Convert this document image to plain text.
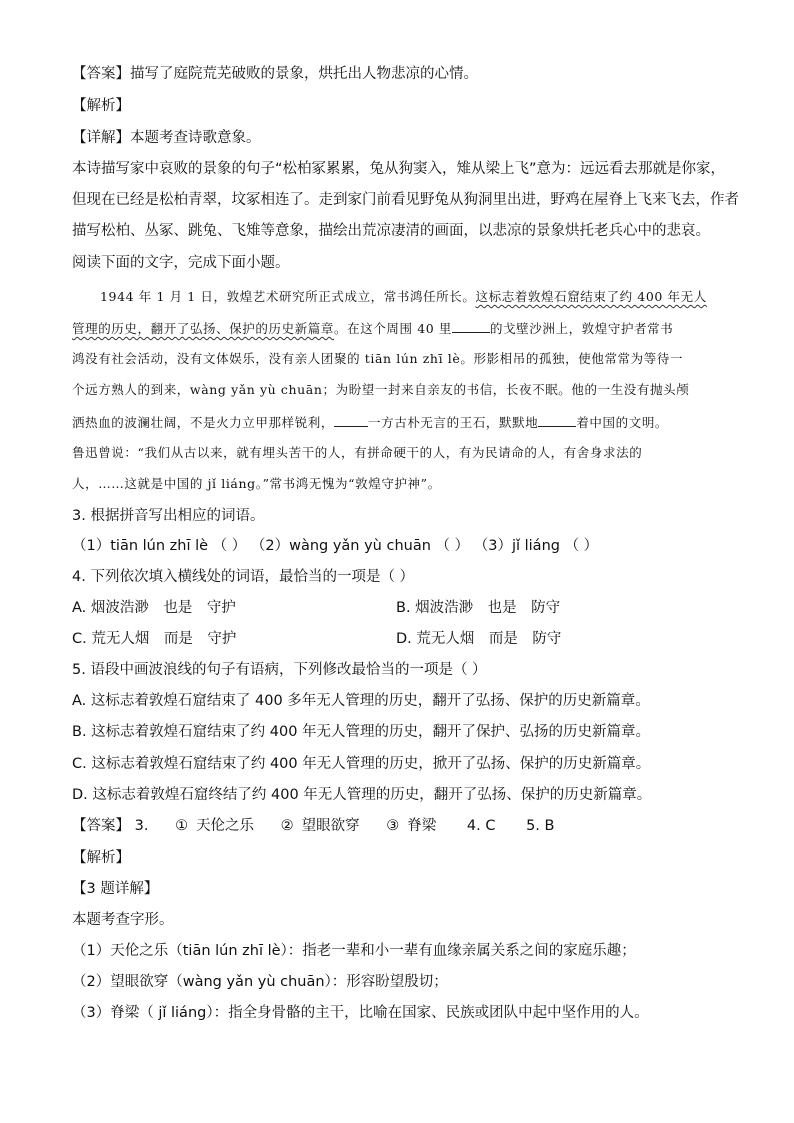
【答案】描写了庭院荒芜破败的景象，烘托出人物悲凉的心情。
【解析】
【详解】本题考查诗歌意象。
本诗描写家中哀败的景象的句子“松柏冢累累，兔从狗窦入，雉从梁上飞”意为：远远看去那就是你家，
但现在已经是松柏青翠，坟冢相连了。走到家门前看见野兔从狗洞里出进，野鸡在屋脊上飞来飞去，作者
描写松柏、丛冢、跳兔、飞雉等意象，描绘出荒凉凄清的画面，以悲凉的景象烘托老兵心中的悲哀。
阅读下面的文字，完成下面小题。
1944 年 1 月 1 日，敦煌艺术研究所正式成立，常书鸿任所长。这标志着敦煌石窟结束了约 400 年无人
管理的历史，翻开了弘扬、保护的历史新篇章。在这个周围 40 里	的戈壁沙洲上，敦煌守护者常书
鸿没有社会活动，没有文体娱乐，没有亲人团聚的 tiān lún zhī lè。形影相吊的孤独，使他常常为等待一
个远方熟人的到来，wàng yǎn yù chuān；为盼望一封来自亲友的书信，长夜不眠。他的一生没有抛头颅
洒热血的波澜壮阔，不是火力立甲那样锐利，	一方古朴无言的王石，默默地	着中国的文明。
鲁迅曾说：“我们从古以来，就有埋头苦干的人，有拼命硬干的人，有为民请命的人，有舍身求法的
人，……这就是中国的 jǐ liáng。”常书鸿无愧为“敦煌守护神”。
3. 根据拼音写出相应的词语。
（1）tiān lún zhī lè （ ） （2）wàng yǎn yù chuān （ ） （3）jǐ liáng （ ）
4. 下列依次填入横线处的词语，最恰当的一项是（ ）
A. 烟波浩渺　也是　守护	B. 烟波浩渺　也是　防守
C. 荒无人烟　而是　守护	D. 荒无人烟　而是　防守
5. 语段中画波浪线的句子有语病，下列修改最恰当的一项是（ ）
A. 这标志着敦煌石窟结束了 400 多年无人管理的历史，翻开了弘扬、保护的历史新篇章。
B. 这标志着敦煌石窟结束了约 400 年无人管理的历史，翻开了保护、弘扬的历史新篇章。
C. 这标志着敦煌石窟结束了约 400 年无人管理的历史，掀开了弘扬、保护的历史新篇章。
D. 这标志着敦煌石窟终结了约 400 年无人管理的历史，翻开了弘扬、保护的历史新篇章。
【答案】 3. ① 天伦之乐 ② 望眼欲穿 ③ 脊梁 4. C 5. B
【解析】
【3 题详解】
本题考查字形。
（1）天伦之乐（tiān lún zhī lè）：指老一辈和小一辈有血缘亲属关系之间的家庭乐趣；
（2）望眼欲穿（wàng yǎn yù chuān）：形容盼望殷切；
（3）脊梁（ jǐ liáng）：指全身骨骼的主干，比喻在国家、民族或团队中起中坚作用的人。
